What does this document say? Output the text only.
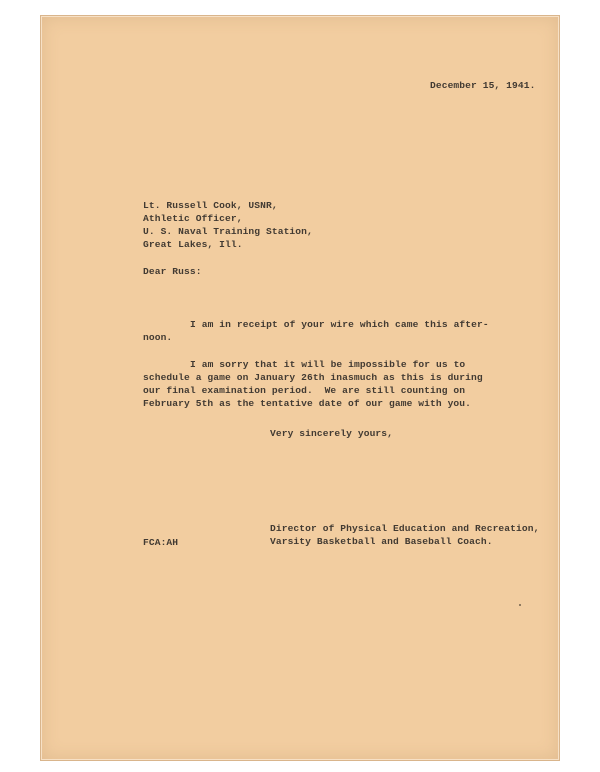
December 15, 1941.
Lt. Russell Cook, USNR,
Athletic Officer,
U. S. Naval Training Station,
Great Lakes, Ill.
Dear Russ:
I am in receipt of your wire which came this after-
noon.
I am sorry that it will be impossible for us to
schedule a game on January 26th inasmuch as this is during
our final examination period.  We are still counting on
February 5th as the tentative date of our game with you.
Very sincerely yours,
Director of Physical Education and Recreation,
Varsity Basketball and Baseball Coach.
FCA:AH
